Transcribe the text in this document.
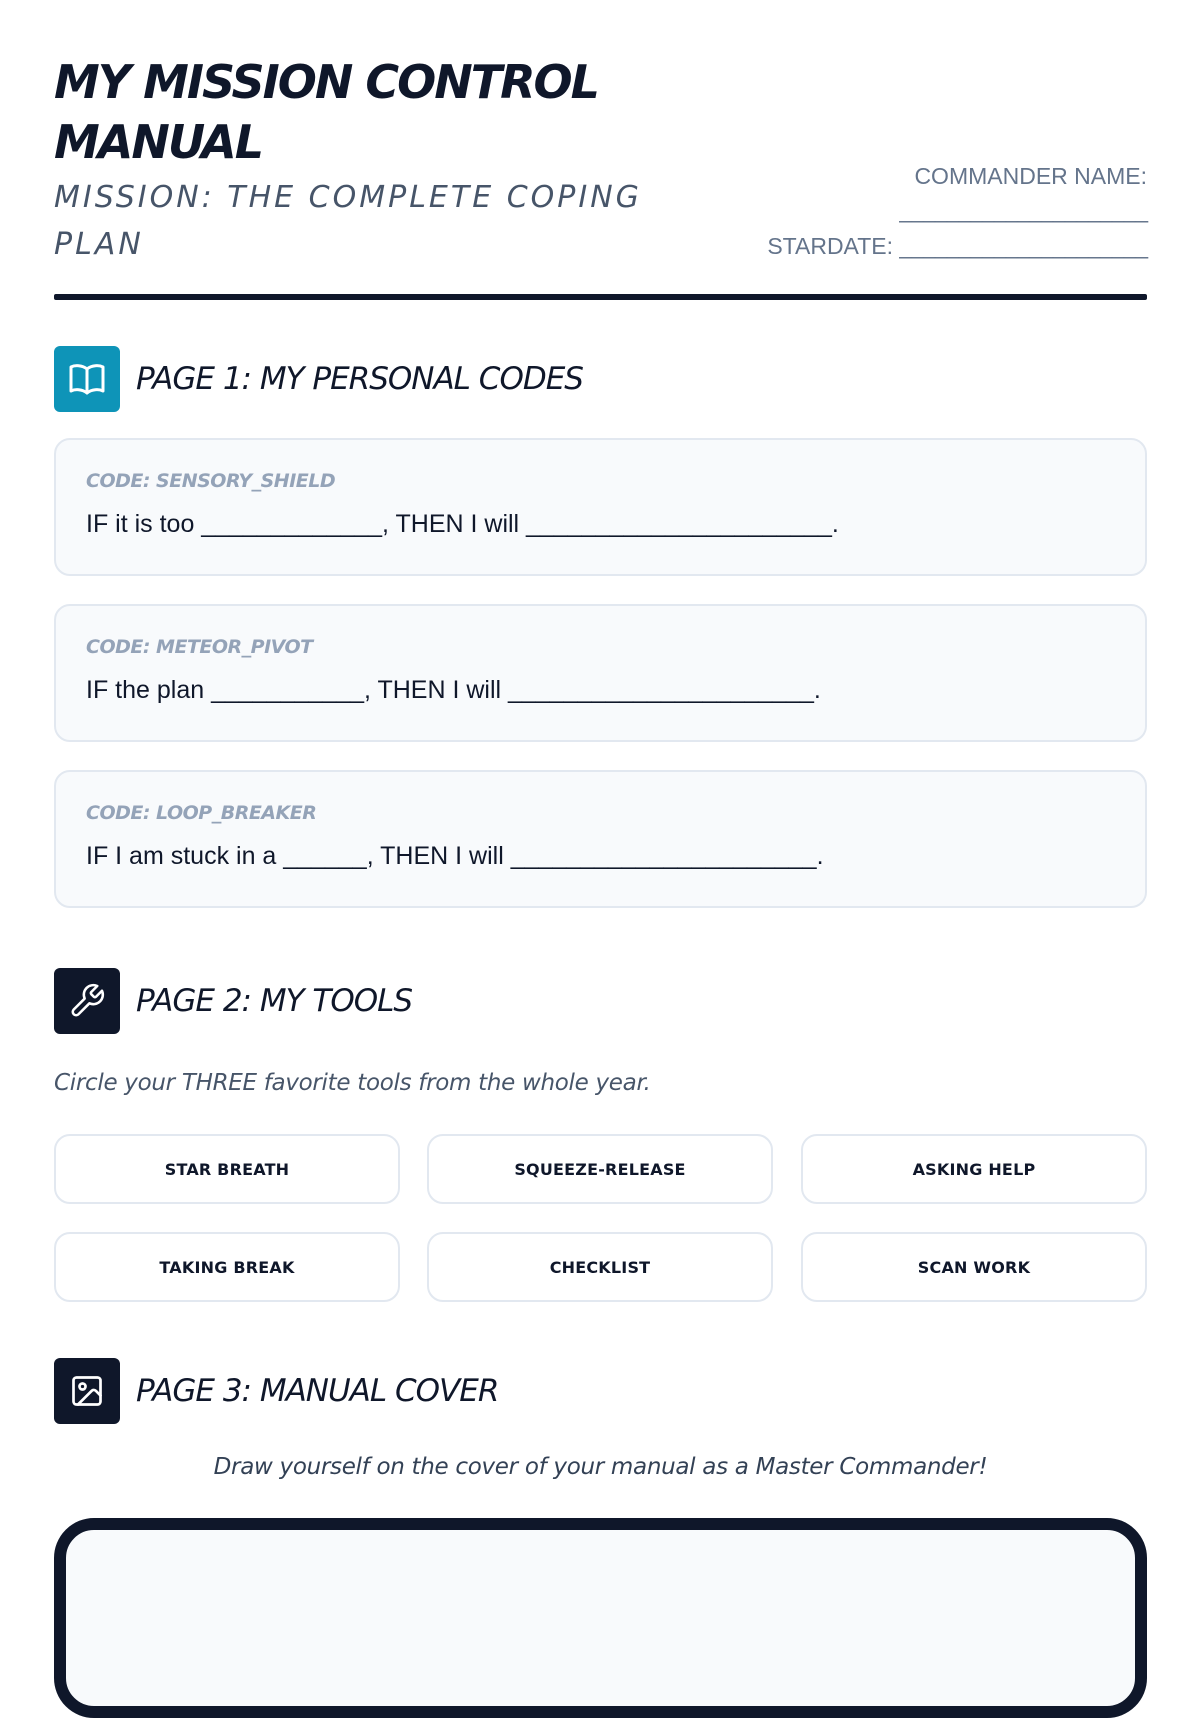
MY MISSION CONTROL MANUAL

MISSION: THE COMPLETE COPING PLAN

COMMANDER NAME:
_____________________
STARDATE: _____________________
PAGE 1: MY PERSONAL CODES
CODE: SENSORY_SHIELD
IF it is too _____________, THEN I will ______________________.
CODE: METEOR_PIVOT
IF the plan ___________, THEN I will ______________________.
CODE: LOOP_BREAKER
IF I am stuck in a ______, THEN I will ______________________.
PAGE 2: MY TOOLS
Circle your THREE favorite tools from the whole year.
STAR BREATH	SQUEEZE-RELEASE	ASKING HELP
TAKING BREAK	CHECKLIST	SCAN WORK
PAGE 3: MANUAL COVER
Draw yourself on the cover of your manual as a Master Commander!
